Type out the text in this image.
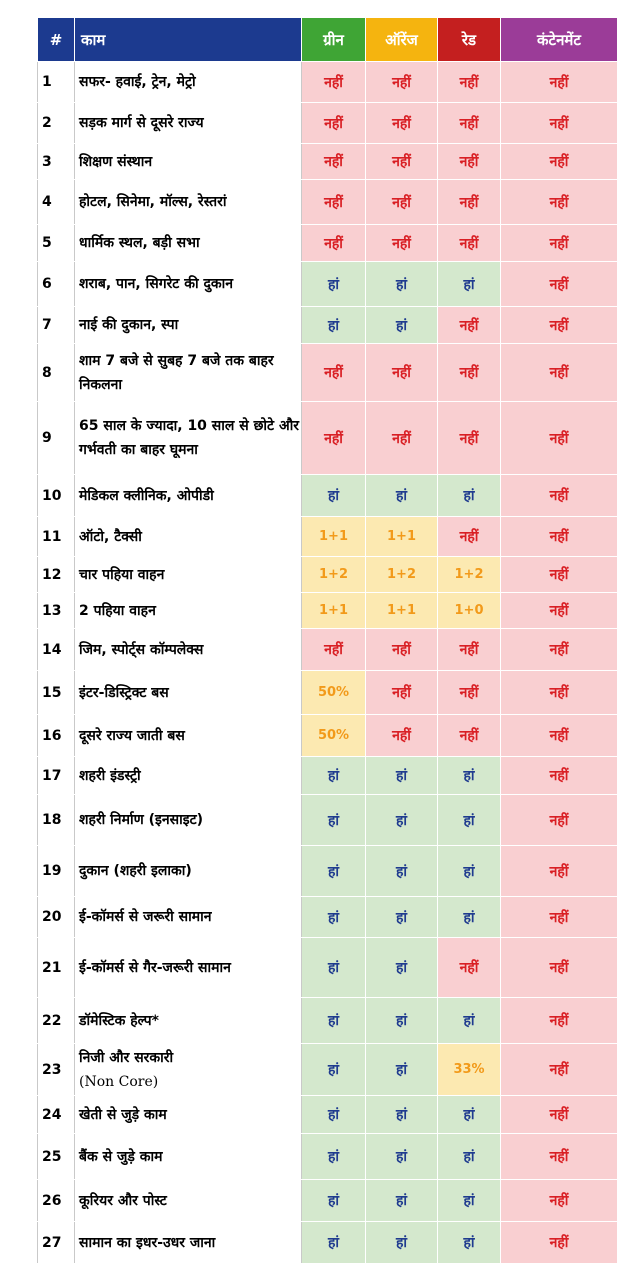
#	काम	ग्रीन	ऑरेंज	रेड	कंटेनमेंट
1	सफर- हवाई, ट्रेन, मेट्रो	नहीं	नहीं	नहीं	नहीं
2	सड़क मार्ग से दूसरे राज्य	नहीं	नहीं	नहीं	नहीं
3	शिक्षण संस्थान	नहीं	नहीं	नहीं	नहीं
4	होटल, सिनेमा, मॉल्स, रेस्तरां	नहीं	नहीं	नहीं	नहीं
5	धार्मिक स्थल, बड़ी सभा	नहीं	नहीं	नहीं	नहीं
6	शराब, पान, सिगरेट की दुकान	हां	हां	हां	नहीं
7	नाई की दुकान, स्पा	हां	हां	नहीं	नहीं
8	शाम 7 बजे से सुबह 7 बजे तक बाहर निकलना	नहीं	नहीं	नहीं	नहीं
9	65 साल के ज्यादा, 10 साल से छोटे और गर्भवती का बाहर घूमना	नहीं	नहीं	नहीं	नहीं
10	मेडिकल क्लीनिक, ओपीडी	हां	हां	हां	नहीं
11	ऑटो, टैक्सी	1+1	1+1	नहीं	नहीं
12	चार पहिया वाहन	1+2	1+2	1+2	नहीं
13	2 पहिया वाहन	1+1	1+1	1+0	नहीं
14	जिम, स्पोर्ट्स कॉम्पलेक्स	नहीं	नहीं	नहीं	नहीं
15	इंटर-डिस्ट्रिक्ट बस	50%	नहीं	नहीं	नहीं
16	दूसरे राज्य जाती बस	50%	नहीं	नहीं	नहीं
17	शहरी इंडस्ट्री	हां	हां	हां	नहीं
18	शहरी निर्माण (इनसाइट)	हां	हां	हां	नहीं
19	दुकान (शहरी इलाका)	हां	हां	हां	नहीं
20	ई-कॉमर्स से जरूरी सामान	हां	हां	हां	नहीं
21	ई-कॉमर्स से गैर-जरूरी सामान	हां	हां	नहीं	नहीं
22	डॉमेस्टिक हेल्प*	हां	हां	हां	नहीं
23	निजी और सरकारी
(Non Core)	हां	हां	33%	नहीं
24	खेती से जुड़े काम	हां	हां	हां	नहीं
25	बैंक से जुड़े काम	हां	हां	हां	नहीं
26	कूरियर और पोस्ट	हां	हां	हां	नहीं
27	सामान का इधर-उधर जाना	हां	हां	हां	नहीं
